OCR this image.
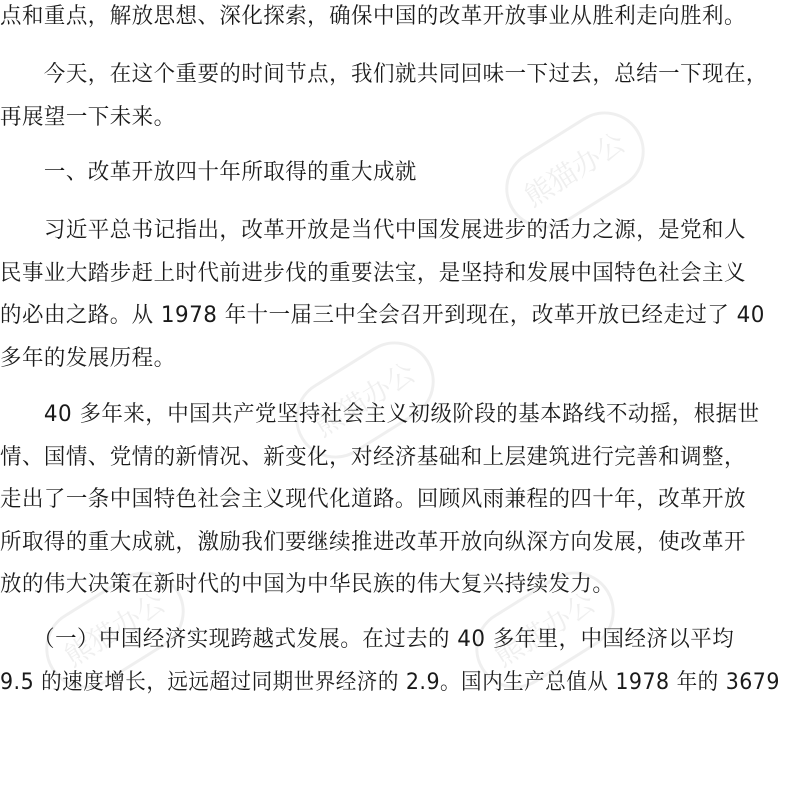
熊猫办公
熊猫办公
熊猫办公	熊猫办公
点和重点，解放思想、深化探索，确保中国的改革开放事业从胜利走向胜利。
　　今天，在这个重要的时间节点，我们就共同回味一下过去，总结一下现在，
再展望一下未来。
　　一、改革开放四十年所取得的重大成就
　　习近平总书记指出，改革开放是当代中国发展进步的活力之源，是党和人
民事业大踏步赶上时代前进步伐的重要法宝，是坚持和发展中国特色社会主义
的必由之路。从 1978 年十一届三中全会召开到现在，改革开放已经走过了 40
多年的发展历程。
　　40 多年来，中国共产党坚持社会主义初级阶段的基本路线不动摇，根据世
情、国情、党情的新情况、新变化，对经济基础和上层建筑进行完善和调整，
走出了一条中国特色社会主义现代化道路。回顾风雨兼程的四十年，改革开放
所取得的重大成就，激励我们要继续推进改革开放向纵深方向发展，使改革开
放的伟大决策在新时代的中国为中华民族的伟大复兴持续发力。
　　（一）中国经济实现跨越式发展。在过去的 40 多年里，中国经济以平均
9.5 的速度增长，远远超过同期世界经济的 2.9。国内生产总值从 1978 年的 3679
